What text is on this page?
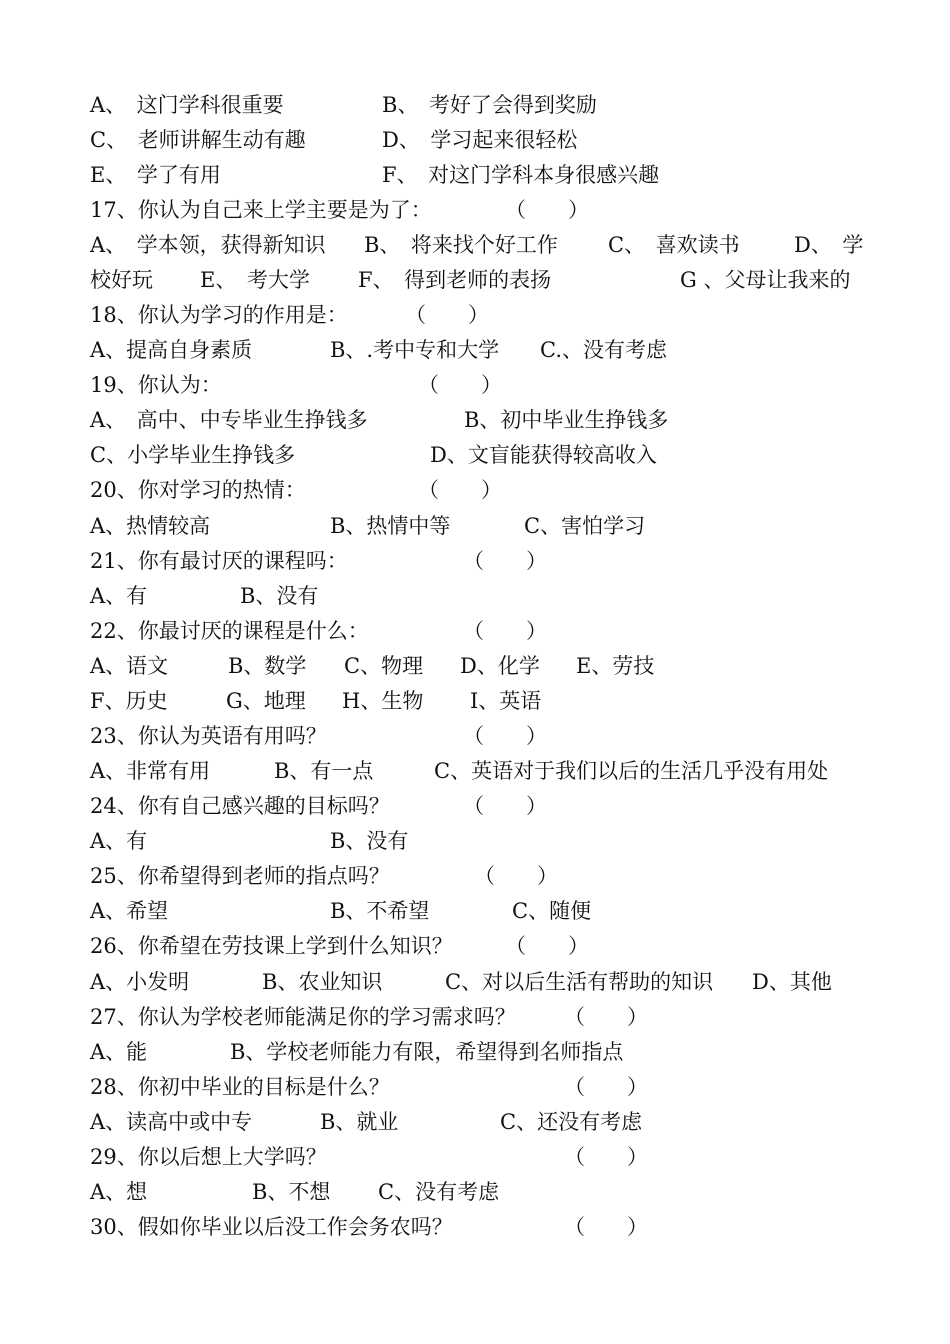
A、　这门学科很重要	B、　考好了会得到奖励
C、　老师讲解生动有趣	D、　学习起来很轻松
E、　学了有用	F、　对这门学科本身很感兴趣
17、你认为自己来上学主要是为了：	（　　）
A、　学本领，获得新知识 B、　将来找个好工作 C、　喜欢读书	D、　学
校好玩 E、　考大学 F、　得到老师的表扬	G 、父母让我来的
18、你认为学习的作用是：	（　　）
A、提高自身素质	B、.考中专和大学 C.、没有考虑
19、你认为：	（　　）
A、　高中、中专毕业生挣钱多	B、初中毕业生挣钱多
C、小学毕业生挣钱多	D、文盲能获得较高收入
20、你对学习的热情：	（　　）
A、热情较高	B、热情中等	C、害怕学习
21、你有最讨厌的课程吗：	（　　）
A、有	B、没有
22、你最讨厌的课程是什么：	（　　）
A、语文	B、数学 C、物理 D、化学 E、劳技
F、历史	G、地理 H、生物 I、英语
23、你认为英语有用吗？	（　　）
A、非常有用	B、有一点	C、英语对于我们以后的生活几乎没有用处
24、你有自己感兴趣的目标吗？	（　　）
A、有	B、没有
25、你希望得到老师的指点吗？	（　　）
A、希望	B、不希望	C、随便
26、你希望在劳技课上学到什么知识？ （　　）
A、小发明	B、农业知识	C、对以后生活有帮助的知识 D、其他
27、你认为学校老师能满足你的学习需求吗？ （　　）
A、能	B、学校老师能力有限，希望得到名师指点
28、你初中毕业的目标是什么？	（　　）
A、读高中或中专	B、就业	C、还没有考虑
29、你以后想上大学吗？	（　　）
A、想	B、不想 C、没有考虑
30、假如你毕业以后没工作会务农吗？	（　　）
